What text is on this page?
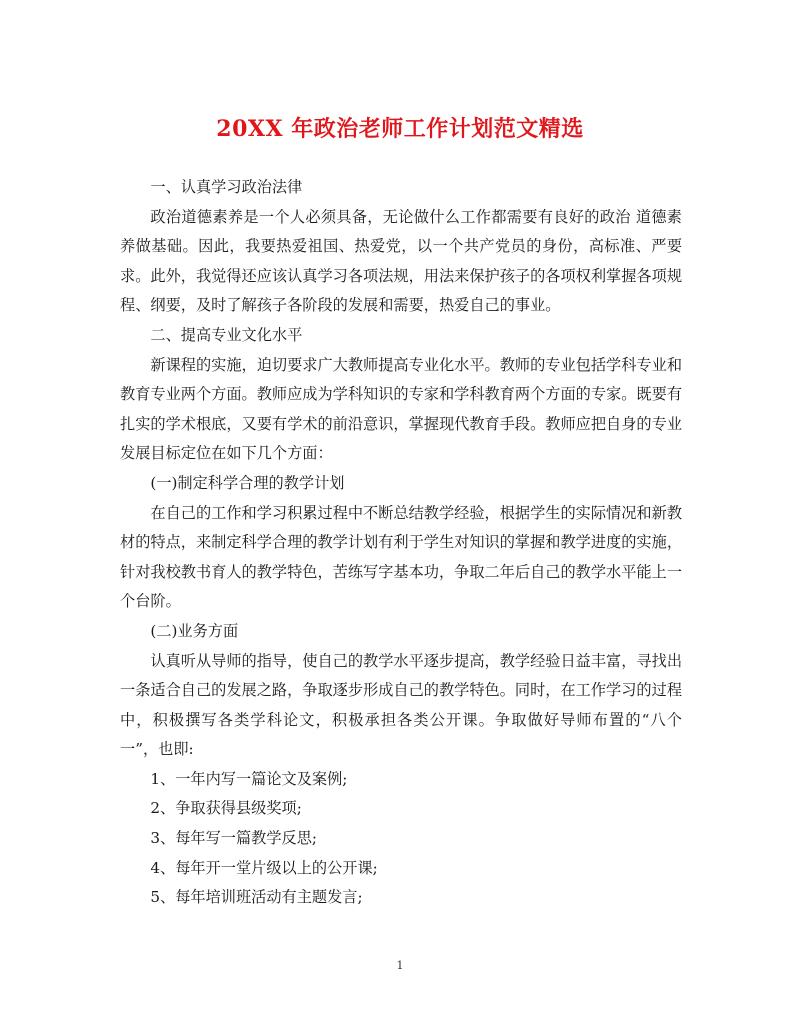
20XX 年政治老师工作计划范文精选

一、认真学习政治法律

政治道德素养是一个人必须具备，无论做什么工作都需要有良好的政治 道德素养做基础。因此，我要热爱祖国、热爱党，以一个共产党员的身份，高标准、严要求。此外，我觉得还应该认真学习各项法规，用法来保护孩子的各项权利掌握各项规程、纲要，及时了解孩子各阶段的发展和需要，热爱自己的事业。

二、提高专业文化水平

新课程的实施，迫切要求广大教师提高专业化水平。教师的专业包括学科专业和教育专业两个方面。教师应成为学科知识的专家和学科教育两个方面的专家。既要有扎实的学术根底，又要有学术的前沿意识，掌握现代教育手段。教师应把自身的专业发展目标定位在如下几个方面：

(一)制定科学合理的教学计划

在自己的工作和学习积累过程中不断总结教学经验，根据学生的实际情况和新教材的特点，来制定科学合理的教学计划有利于学生对知识的掌握和教学进度的实施，针对我校教书育人的教学特色，苦练写字基本功，争取二年后自己的教学水平能上一个台阶。

(二)业务方面

认真听从导师的指导，使自己的教学水平逐步提高，教学经验日益丰富，寻找出一条适合自己的发展之路，争取逐步形成自己的教学特色。同时，在工作学习的过程中，积极撰写各类学科论文，积极承担各类公开课。争取做好导师布置的“八个一”，也即:

1、一年内写一篇论文及案例;

2、争取获得县级奖项;

3、每年写一篇教学反思;

4、每年开一堂片级以上的公开课;

5、每年培训班活动有主题发言;

1
